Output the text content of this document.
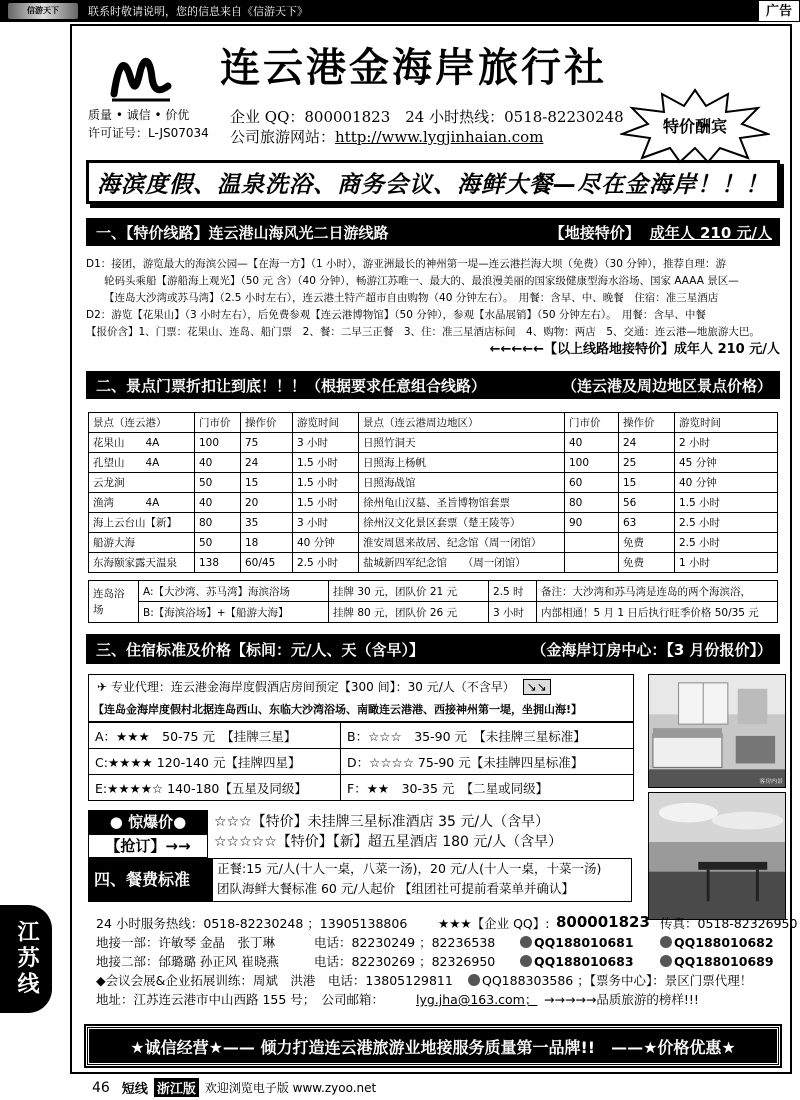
信游天下	联系时敬请说明，您的信息来自《信游天下》	广告
连云港金海岸旅行社
质量 • 诚信 • 价优
许可证号：L-JS07034
企业 QQ：800001823　24 小时热线：0518-82230248
公司旅游网站：http://www.lygjinhaian.com
特价酬宾
海滨度假、温泉洗浴、商务会议、海鲜大餐—尽在金海岸！！！
一、【特价线路】连云港山海风光二日游线路	【地接特价】 成年人 210 元/人

D1：接团，游览最大的海滨公园—【在海一方】（1 小时），游亚洲最长的神州第一堤—连云港拦海大坝（免费）（30 分钟），推荐自理：游

轮码头乘船【游船海上观光】（50 元 含）（40 分钟），畅游江苏唯一、最大的、最浪漫美丽的国家级健康型海水浴场、国家 AAAA 景区—

【连岛大沙湾或苏马湾】（2.5 小时左右），连云港土特产超市自由购物（40 分钟左右）。　用餐：含早、中、晚餐　住宿：准三星酒店

D2：游览【花果山】（3 小时左右），后免费参观【连云港博物馆】（50 分钟），参观【水晶展销】（50 分钟左右）。　用餐：含早、中餐

【报价含】1、门票：花果山、连岛、船门票　2、餐：二早三正餐　3、住：准三星酒店标间　4、购物：两店　5、交通：连云港—地旅游大巴。

←←←←←【以上线路地接特价】成年人 210 元/人

二、景点门票折扣让到底！！！（根据要求任意组合线路）	（连云港及周边地区景点价格）
景点（连云港）	门市价	操作价	游览时间	景点（连云港周边地区）	门市价	操作价	游览时间
花果山　　4A	100	75	3 小时	日照竹洞天	40	24	2 小时
孔望山　　4A	40	24	1.5 小时	日照海上杨帆	100	25	45 分钟
云龙涧	50	15	1.5 小时	日照海战馆	60	15	40 分钟
渔湾　　　4A	40	20	1.5 小时	徐州龟山汉墓、圣旨博物馆套票	80	56	1.5 小时
海上云台山【新】	80	35	3 小时	徐州汉文化景区套票（楚王陵等）	90	63	2.5 小时
船游大海	50	18	40 分钟	淮安周恩来故居、纪念馆（周一闭馆）		免费	2.5 小时
东海颐家露天温泉	138	60/45	2.5 小时	盐城新四军纪念馆　　（周一闭馆）		免费	1 小时
连岛浴场	A:【大沙湾、苏马湾】海滨浴场	挂牌 30 元，团队价 21 元	2.5 时	备注：大沙湾和苏马湾是连岛的两个海滨浴，
	B:【海滨浴场】+【船游大海】	挂牌 80 元，团队价 26 元	3 小时	内部相通！5 月 1 日后执行旺季价格 50/35 元
三、住宿标准及价格【标间：元/人、天（含早）】	（金海岸订房中心：【3 月份报价】）
✈ 专业代理：连云港金海岸度假酒店房间预定【300 间】：30 元/人（不含早） ↘↘
【连岛金海岸度假村北据连岛西山、东临大沙湾浴场、南瞰连云港港、西接神州第一堤，坐拥山海!】
A：★★★　50-75 元　【挂牌三星】	B：☆☆☆　35-90 元　【未挂牌三星标准】
C:★★★★ 120-140 元【挂牌四星】	D：☆☆☆☆ 75-90 元【未挂牌四星标准】
E:★★★★☆ 140-180【五星及同级】	F：★★　30-35 元　【二星或同级】	客房内景
● 惊爆价●
【抢订】→→
☆☆☆【特价】未挂牌三星标准酒店 35 元/人（含早）
☆☆☆☆☆【特价】【新】超五星酒店 180 元/人（含早）
四、餐费标准
正餐:15 元/人(十人一桌，八菜一汤)，20 元/人(十人一桌，十菜一汤)
团队海鲜大餐标准 60 元/人起价 【组团社可提前看菜单并确认】
24 小时服务热线：0518-82230248 ；13905138806 ★★★【企业 QQ】: 800001823 传真：0518-82326950
地接一部：许敏琴 金晶　张丁琳	电话：82230249 ；82236538	QQ188010681	QQ188010682
地接二部：邰璐璐 孙正风 崔晓燕	电话：82230269 ；82326950	QQ188010683	QQ188010689
◆会议会展&企业拓展训练：周斌　洪港　电话：13805129811	QQ188303586 ；【票务中心】：景区门票代理！
地址：江苏连云港市中山西路 155 号；　公司邮箱：	lyg.jha@163.com； →→→→→品质旅游的榜样!!!
★诚信经营★—— 倾力打造连云港旅游业地接服务质量第一品牌!!　——★价格优惠★
江苏线
46 短线 浙江版 欢迎浏览电子版 www.zyoo.net
